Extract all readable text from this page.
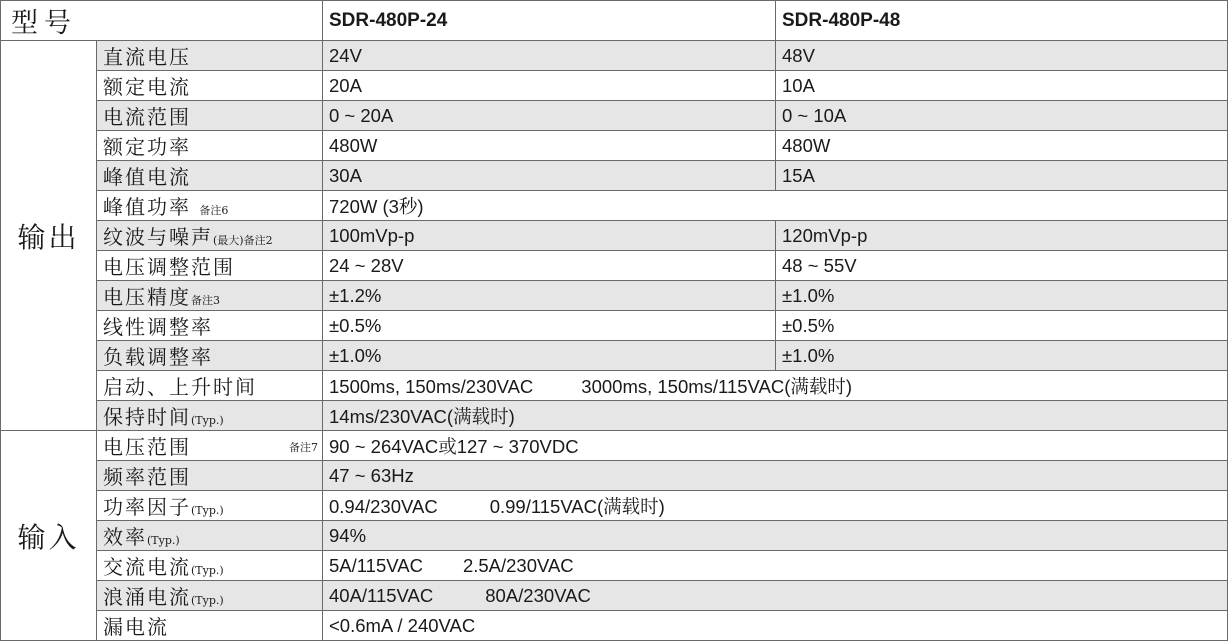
型号		SDR-480P-24	SDR-480P-48
输出	直流电压	24V	48V
	额定电流	20A	10A
	电流范围	0 ~ 20A	0 ~ 10A
	额定功率	480W	480W
	峰值电流	30A	15A
	峰值功率 备注6	720W (3秒)	
	纹波与噪声(最大)备注2	100mVp-p	120mVp-p
	电压调整范围	24 ~ 28V	48 ~ 55V
	电压精度备注3	±1.2%	±1.0%
	线性调整率	±0.5%	±0.5%
	负载调整率	±1.0%	±1.0%
	启动、上升时间	1500ms, 150ms/230VAC 3000ms, 150ms/115VAC(满载时)	
	保持时间(Typ.)	14ms/230VAC(满载时)	
输入	电压范围 备注7	90 ~ 264VAC或127 ~ 370VDC	
	频率范围	47 ~ 63Hz	
	功率因子(Typ.)	0.94/230VAC 0.99/115VAC(满载时)	
	效率(Typ.)	94%	
	交流电流(Typ.)	5A/115VAC 2.5A/230VAC	
	浪涌电流(Typ.)	40A/115VAC 80A/230VAC	
	漏电流	<0.6mA / 240VAC	
